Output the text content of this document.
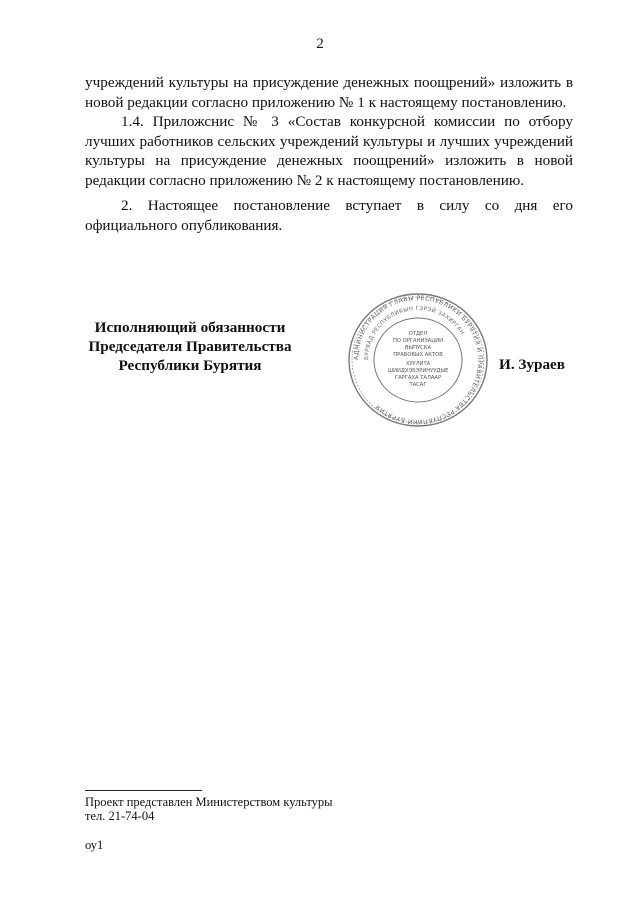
2
учреждений культуры на присуждение денежных поощрений» изложить в новой редакции согласно приложению № 1 к настоящему постановлению.
1.4. Приложснис № 3 «Состав конкурсной комиссии по отбору лучших работников сельских учреждений культуры и лучших учреждений культуры на присуждение денежных поощрений» изложить в новой редакции согласно приложению № 2 к настоящему постановлению.
2. Настоящее постановление вступает в силу со дня его официального опубликования.
Исполняющий обязанности
Председателя Правительства
Республики Бурятия	АДМИНИСТРАЦИЯ ГЛАВЫ РЕСПУБЛИКИ БУРЯТИЯ И ПРАВИТЕЛЬСТВА РЕСПУБЛИКИ БУРЯТИЯ
БУРЯАД РЕСПУБЛИКЫН ГЭРЭЙ ЗАХИРГАН
ОТДЕЛ
ПО ОРГАНИЗАЦИИ
ВЫПУСКА
ПРАВОВЫХ АКТОВ
ХУУЛИТА
ШИИДХЭБЭРИНУУДЫЕ
ГАРГАХА ТАЛААР
ТАСАГ
И. Зураев
Проект представлен Министерством культуры
тел. 21-74-04
оу1
